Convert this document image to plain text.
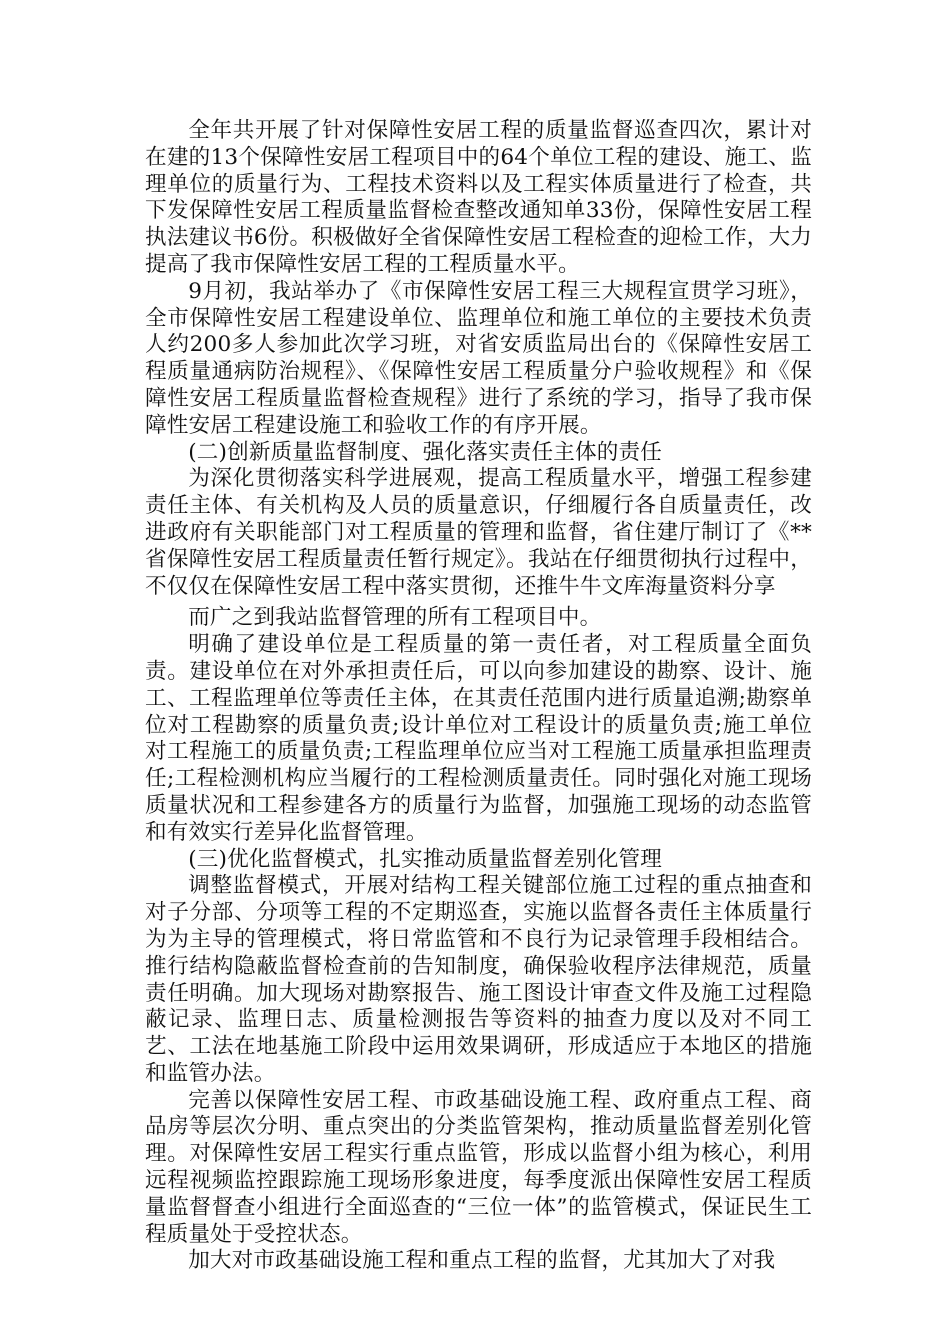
全年共开展了针对保障性安居工程的质量监督巡查四次，累计对在建的13个保障性安居工程项目中的64个单位工程的建设、施工、监理单位的质量行为、工程技术资料以及工程实体质量进行了检查，共下发保障性安居工程质量监督检查整改通知单33份，保障性安居工程执法建议书6份。积极做好全省保障性安居工程检查的迎检工作，大力提高了我市保障性安居工程的工程质量水平。

9月初，我站举办了《市保障性安居工程三大规程宣贯学习班》，全市保障性安居工程建设单位、监理单位和施工单位的主要技术负责人约200多人参加此次学习班，对省安质监局出台的《保障性安居工程质量通病防治规程》、《保障性安居工程质量分户验收规程》和《保障性安居工程质量监督检查规程》进行了系统的学习，指导了我市保障性安居工程建设施工和验收工作的有序开展。

(二)创新质量监督制度、强化落实责任主体的责任

为深化贯彻落实科学进展观，提高工程质量水平，增强工程参建责任主体、有关机构及人员的质量意识，仔细履行各自质量责任，改进政府有关职能部门对工程质量的管理和监督，省住建厅制订了《**省保障性安居工程质量责任暂行规定》。我站在仔细贯彻执行过程中，不仅仅在保障性安居工程中落实贯彻，还推牛牛文库海量资料分享

而广之到我站监督管理的所有工程项目中。

明确了建设单位是工程质量的第一责任者，对工程质量全面负责。建设单位在对外承担责任后，可以向参加建设的勘察、设计、施工、工程监理单位等责任主体，在其责任范围内进行质量追溯;勘察单位对工程勘察的质量负责;设计单位对工程设计的质量负责;施工单位对工程施工的质量负责;工程监理单位应当对工程施工质量承担监理责任;工程检测机构应当履行的工程检测质量责任。同时强化对施工现场质量状况和工程参建各方的质量行为监督，加强施工现场的动态监管和有效实行差异化监督管理。

(三)优化监督模式，扎实推动质量监督差别化管理

调整监督模式，开展对结构工程关键部位施工过程的重点抽查和对子分部、分项等工程的不定期巡查，实施以监督各责任主体质量行为为主导的管理模式，将日常监管和不良行为记录管理手段相结合。推行结构隐蔽监督检查前的告知制度，确保验收程序法律规范，质量责任明确。加大现场对勘察报告、施工图设计审查文件及施工过程隐蔽记录、监理日志、质量检测报告等资料的抽查力度以及对不同工艺、工法在地基施工阶段中运用效果调研，形成适应于本地区的措施和监管办法。

完善以保障性安居工程、市政基础设施工程、政府重点工程、商品房等层次分明、重点突出的分类监管架构，推动质量监督差别化管理。对保障性安居工程实行重点监管，形成以监督小组为核心，利用远程视频监控跟踪施工现场形象进度，每季度派出保障性安居工程质量监督督查小组进行全面巡查的“三位一体”的监管模式，保证民生工程质量处于受控状态。

加大对市政基础设施工程和重点工程的监督，尤其加大了对我
